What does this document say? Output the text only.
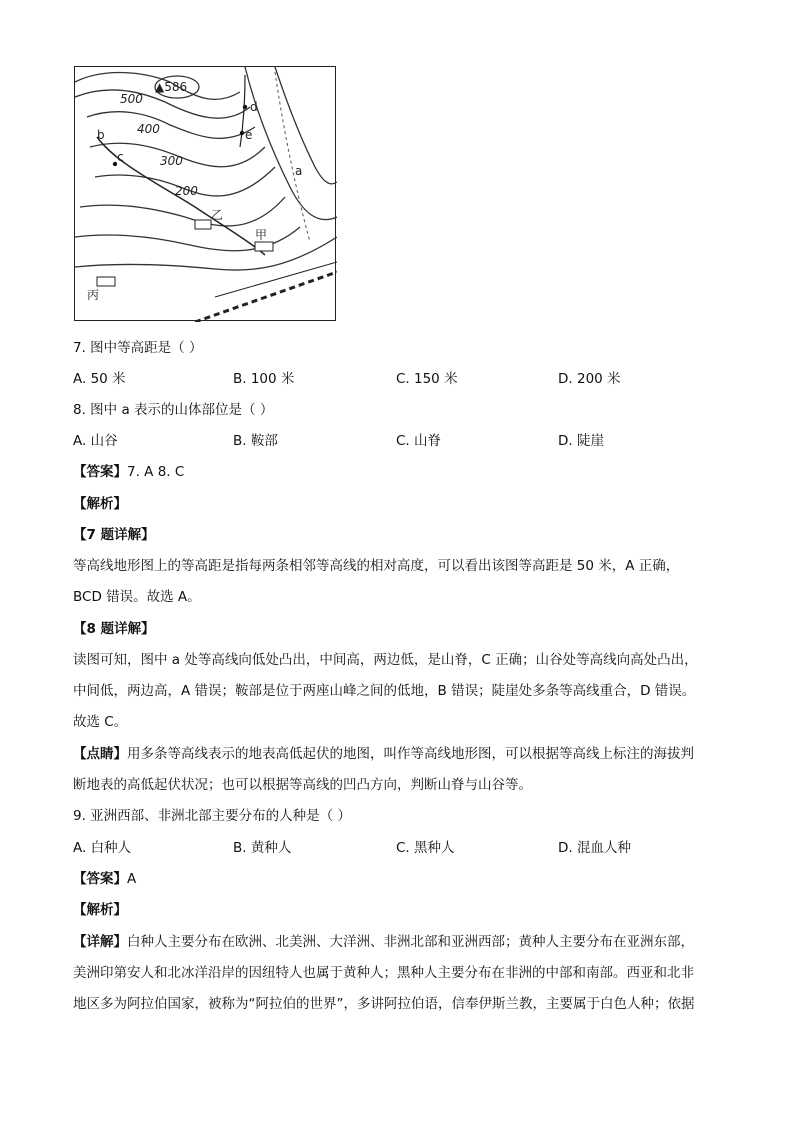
▲586
500
400
300
200
b
c
d
e
a
乙
甲
丙
7. 图中等高距是（ ）
A. 50 米	B. 100 米	C. 150 米	D. 200 米
8. 图中 a 表示的山体部位是（ ）
A. 山谷	B. 鞍部	C. 山脊	D. 陡崖
【答案】7. A 8. C
【解析】
【7 题详解】
等高线地形图上的等高距是指每两条相邻等高线的相对高度，可以看出该图等高距是 50 米，A 正确，
BCD 错误。故选 A。
【8 题详解】
读图可知，图中 a 处等高线向低处凸出，中间高，两边低，是山脊，C 正确；山谷处等高线向高处凸出，
中间低，两边高，A 错误；鞍部是位于两座山峰之间的低地，B 错误；陡崖处多条等高线重合，D 错误。
故选 C。
【点睛】用多条等高线表示的地表高低起伏的地图，叫作等高线地形图，可以根据等高线上标注的海拔判
断地表的高低起伏状况；也可以根据等高线的凹凸方向，判断山脊与山谷等。
9. 亚洲西部、非洲北部主要分布的人种是（ ）
A. 白种人	B. 黄种人	C. 黑种人	D. 混血人种
【答案】A
【解析】
【详解】白种人主要分布在欧洲、北美洲、大洋洲、非洲北部和亚洲西部；黄种人主要分布在亚洲东部，
美洲印第安人和北冰洋沿岸的因纽特人也属于黄种人；黑种人主要分布在非洲的中部和南部。西亚和北非
地区多为阿拉伯国家，被称为“阿拉伯的世界”，多讲阿拉伯语，信奉伊斯兰教，主要属于白色人种；依据
